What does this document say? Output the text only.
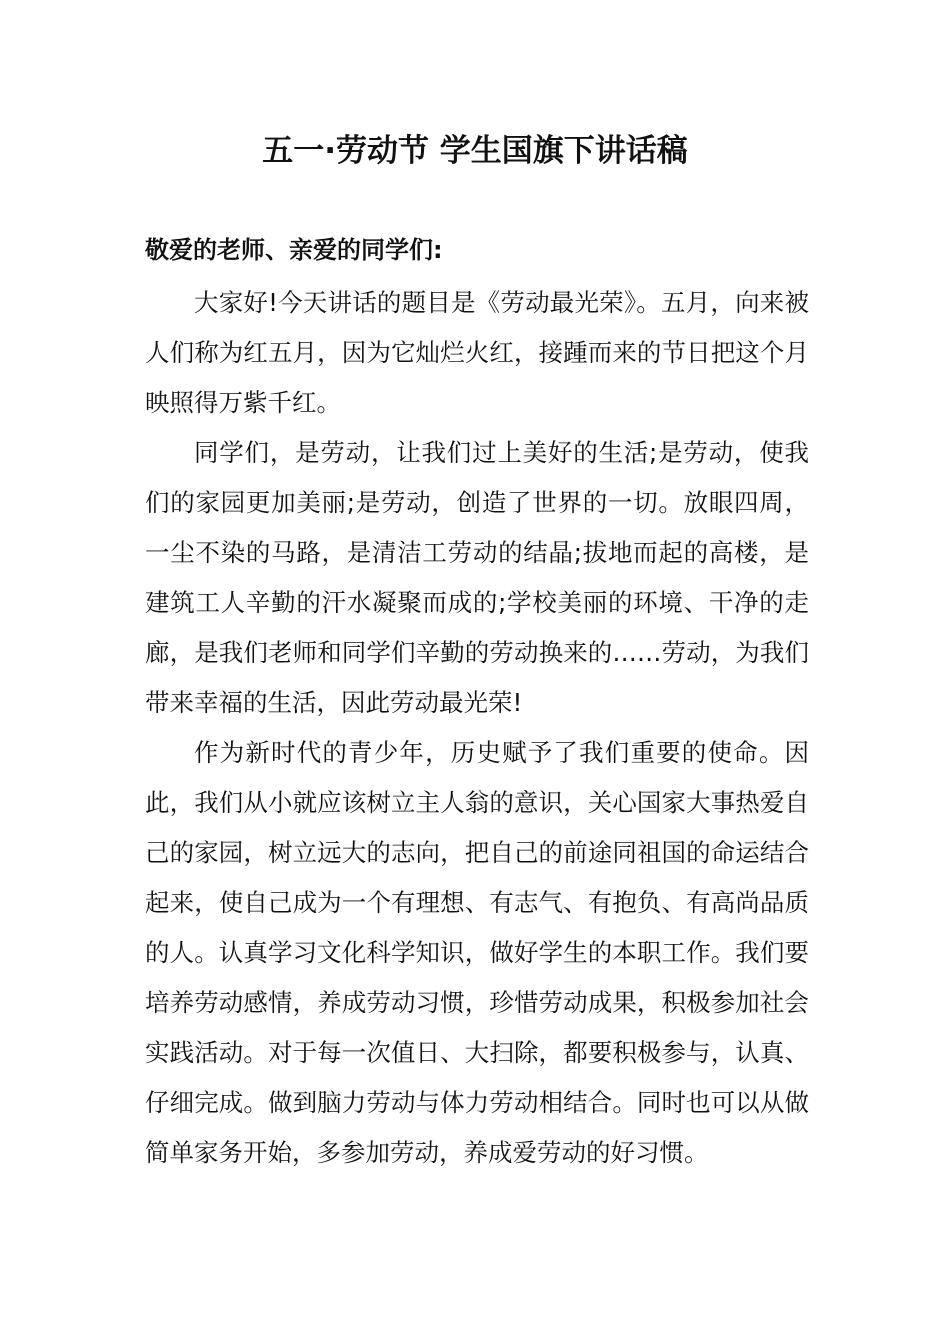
五一·劳动节 学生国旗下讲话稿

敬爱的老师、亲爱的同学们:

大家好!今天讲话的题目是《劳动最光荣》。五月，向来被人们称为红五月，因为它灿烂火红，接踵而来的节日把这个月映照得万紫千红。

同学们，是劳动，让我们过上美好的生活;是劳动，使我们的家园更加美丽;是劳动，创造了世界的一切。放眼四周，一尘不染的马路，是清洁工劳动的结晶;拔地而起的高楼，是建筑工人辛勤的汗水凝聚而成的;学校美丽的环境、干净的走廊，是我们老师和同学们辛勤的劳动换来的……劳动，为我们带来幸福的生活，因此劳动最光荣!

作为新时代的青少年，历史赋予了我们重要的使命。因此，我们从小就应该树立主人翁的意识，关心国家大事热爱自己的家园，树立远大的志向，把自己的前途同祖国的命运结合起来，使自己成为一个有理想、有志气、有抱负、有高尚品质的人。认真学习文化科学知识，做好学生的本职工作。我们要培养劳动感情，养成劳动习惯，珍惜劳动成果，积极参加社会实践活动。对于每一次值日、大扫除，都要积极参与，认真、仔细完成。做到脑力劳动与体力劳动相结合。同时也可以从做简单家务开始，多参加劳动，养成爱劳动的好习惯。
